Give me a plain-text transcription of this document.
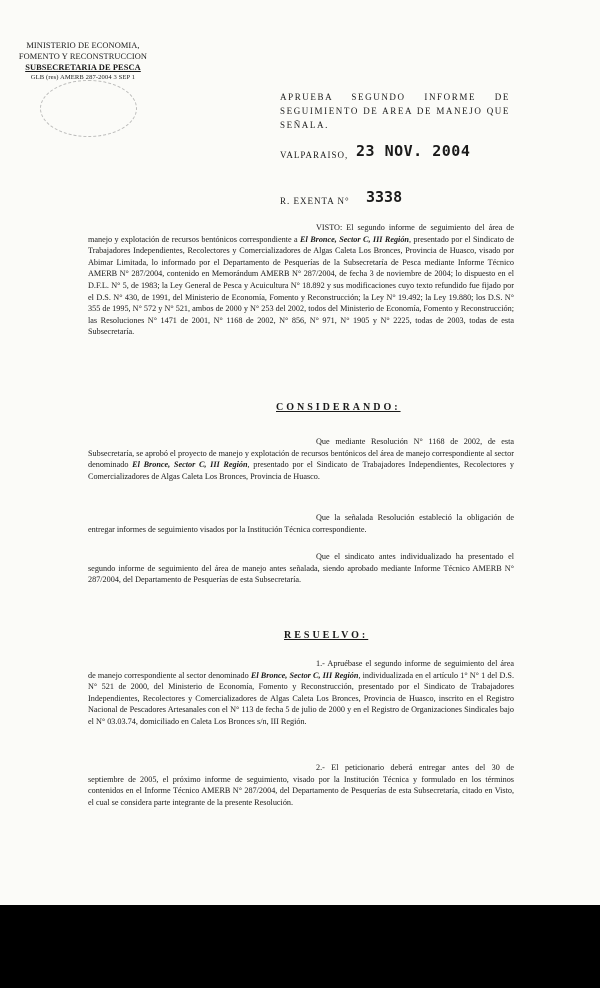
MINISTERIO DE ECONOMIA,
FOMENTO Y RECONSTRUCCION
SUBSECRETARIA DE PESCA
GLB (res) AMERB 287-2004 3 SEP 1
APRUEBA SEGUNDO INFORME DE SEGUIMIENTO DE AREA DE MANEJO QUE SEÑALA.
VALPARAISO, 23 NOV. 2004
R. EXENTA N° 3338

VISTO: El segundo informe de seguimiento del área de manejo y explotación de recursos bentónicos correspondiente a El Bronce, Sector C, III Región, presentado por el Sindicato de Trabajadores Independientes, Recolectores y Comercializadores de Algas Caleta Los Bronces, Provincia de Huasco, visado por Abimar Limitada, lo informado por el Departamento de Pesquerías de la Subsecretaría de Pesca mediante Informe Técnico AMERB N° 287/2004, contenido en Memorándum AMERB N° 287/2004, de fecha 3 de noviembre de 2004; lo dispuesto en el D.F.L. N° 5, de 1983; la Ley General de Pesca y Acuicultura N° 18.892 y sus modificaciones cuyo texto refundido fue fijado por el D.S. N° 430, de 1991, del Ministerio de Economía, Fomento y Reconstrucción; la Ley N° 19.492; la Ley 19.880; los D.S. N° 355 de 1995, N° 572 y N° 521, ambos de 2000 y N° 253 del 2002, todos del Ministerio de Economía, Fomento y Reconstrucción; las Resoluciones N° 1471 de 2001, N° 1168 de 2002, N° 856, N° 971, N° 1905 y N° 2225, todas de 2003, todas de esta Subsecretaría.

CONSIDERANDO:

Que mediante Resolución N° 1168 de 2002, de esta Subsecretaría, se aprobó el proyecto de manejo y explotación de recursos bentónicos del área de manejo correspondiente al sector denominado El Bronce, Sector C, III Región, presentado por el Sindicato de Trabajadores Independientes, Recolectores y Comercializadores de Algas Caleta Los Bronces, Provincia de Huasco.

Que la señalada Resolución estableció la obligación de entregar informes de seguimiento visados por la Institución Técnica correspondiente.

Que el sindicato antes individualizado ha presentado el segundo informe de seguimiento del área de manejo antes señalada, siendo aprobado mediante Informe Técnico AMERB N° 287/2004, del Departamento de Pesquerías de esta Subsecretaría.

RESUELVO:

1.- Apruébase el segundo informe de seguimiento del área de manejo correspondiente al sector denominado El Bronce, Sector C, III Región, individualizada en el artículo 1° N° 1 del D.S. N° 521 de 2000, del Ministerio de Economía, Fomento y Reconstrucción, presentado por el Sindicato de Trabajadores Independientes, Recolectores y Comercializadores de Algas Caleta Los Bronces, Provincia de Huasco, inscrito en el Registro Nacional de Pescadores Artesanales con el N° 113 de fecha 5 de julio de 2000 y en el Registro de Organizaciones Sindicales bajo el N° 03.03.74, domiciliado en Caleta Los Bronces s/n, III Región.

2.- El peticionario deberá entregar antes del 30 de septiembre de 2005, el próximo informe de seguimiento, visado por la Institución Técnica y formulado en los términos contenidos en el Informe Técnico AMERB N° 287/2004, del Departamento de Pesquerías de esta Subsecretaría, citado en Visto, el cual se considera parte integrante de la presente Resolución.
